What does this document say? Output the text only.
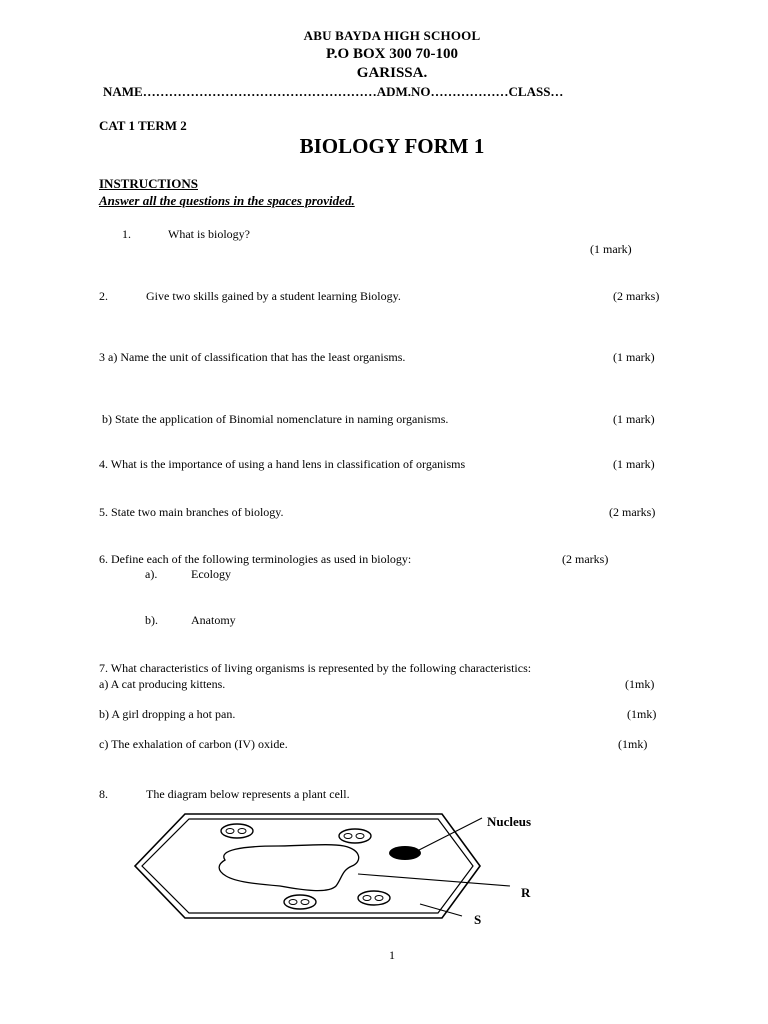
ABU BAYDA HIGH SCHOOL
P.O BOX 300 70-100
GARISSA.
NAME………………………………………………ADM.NO………………CLASS…
CAT 1 TERM 2
BIOLOGY FORM 1
INSTRUCTIONS
Answer all the questions in the spaces provided.
1.	What is biology?
(1 mark)
2.	Give two skills gained by a student learning Biology.	(2 marks)
3 a) Name the unit of classification that has the least organisms.	(1 mark)
b) State the application of Binomial nomenclature in naming organisms.	(1 mark)
4. What is the importance of using a hand lens in classification of organisms	(1 mark)
5. State two main branches of biology.	(2 marks)
6. Define each of the following terminologies as used in biology:	(2 marks)
a).	Ecology
b).	Anatomy
7. What characteristics of living organisms is represented by the following characteristics:
a) A cat producing kittens.	(1mk)
b) A girl dropping a hot pan.	(1mk)
c) The exhalation of carbon (IV) oxide.	(1mk)
8.	The diagram below represents a plant cell.
Nucleus
R
S
1
